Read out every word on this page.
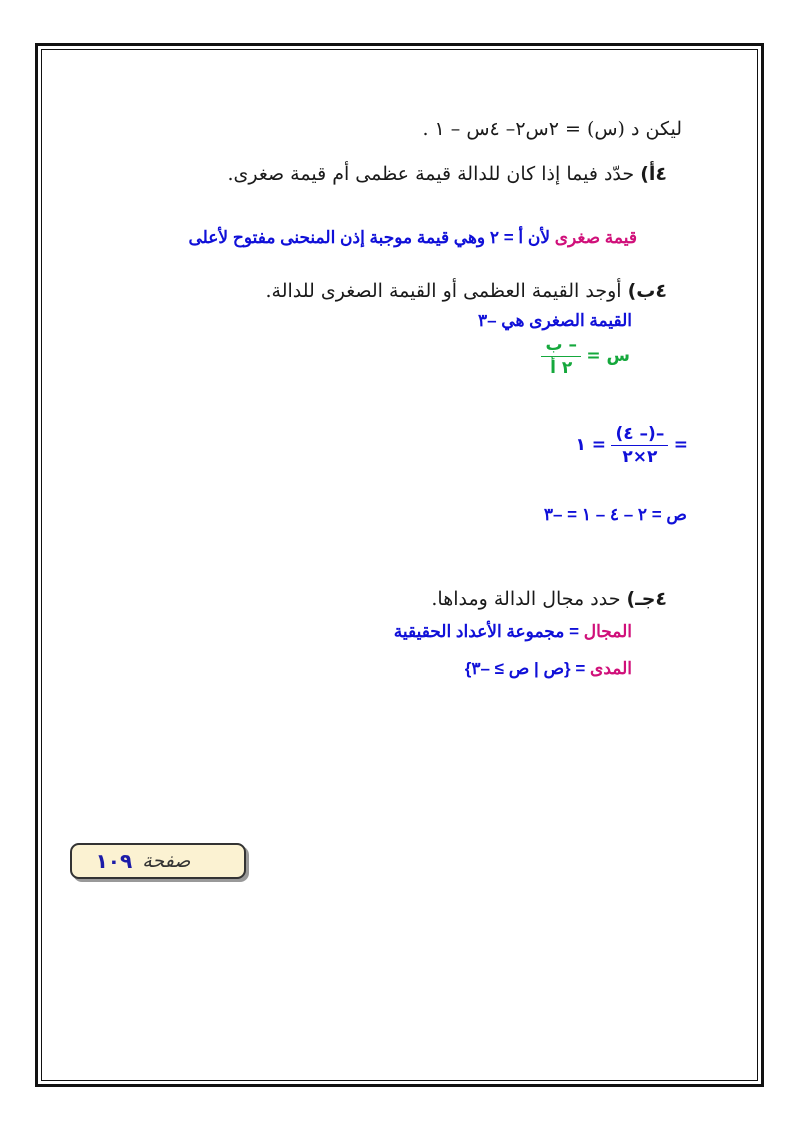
ليكن د (س) = ٢س٢– ٤س – ١ .
٤أ) حدّد فيما إذا كان للدالة قيمة عظمى أم قيمة صغرى.
قيمة صغرى لأن أ = ٢ وهي قيمة موجبة إذن المنحنى مفتوح لأعلى
٤ب) أوجد القيمة العظمى أو القيمة الصغرى للدالة.
القيمة الصغرى هي –٣
س =
$\frac{\text{– ب}}{\text{٢ أ}}$
=
$\frac{-(- ٤)}{٢\times ٢}$
= ١
ص = ٢ – ٤ – ١ = –٣
٤جـ) حدد مجال الدالة ومداها.
المجال = مجموعة الأعداد الحقيقية
المدى = {ص | ص ≥ –٣}
صفحة
١٠٩
